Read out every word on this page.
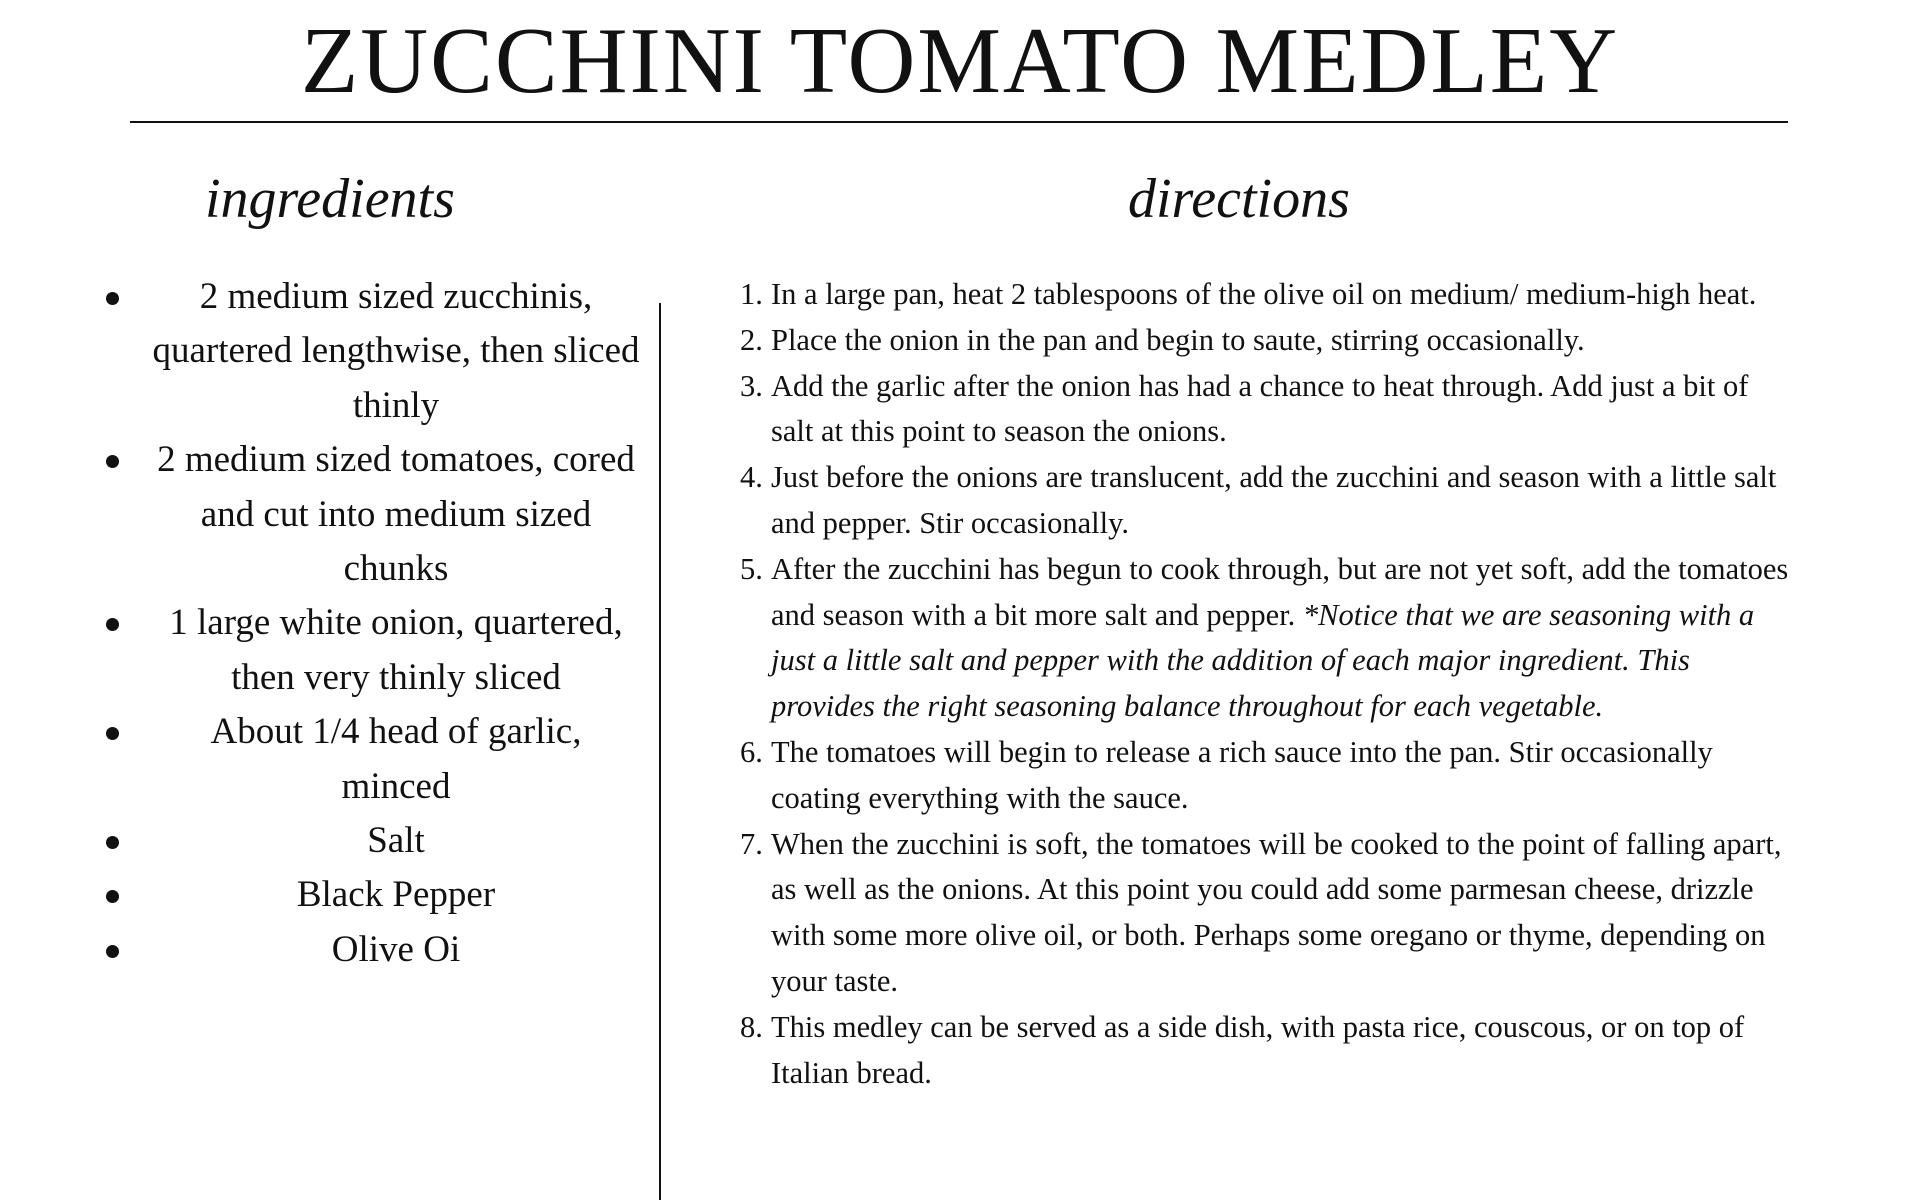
ZUCCHINI TOMATO MEDLEY
ingredients	directions
2 medium sized zucchinis, quartered lengthwise, then sliced thinly
2 medium sized tomatoes, cored and cut into medium sized chunks
1 large white onion, quartered, then very thinly sliced
About 1/4 head of garlic, minced
Salt
Black Pepper
Olive Oi
1. In a large pan, heat 2 tablespoons of the olive oil on medium/ medium-high heat.
2. Place the onion in the pan and begin to saute, stirring occasionally.
3. Add the garlic after the onion has had a chance to heat through. Add just a bit of salt at this point to season the onions.
4. Just before the onions are translucent, add the zucchini and season with a little salt and pepper. Stir occasionally.
5. After the zucchini has begun to cook through, but are not yet soft, add the tomatoes and season with a bit more salt and pepper. *Notice that we are seasoning with a just a little salt and pepper with the addition of each major ingredient. This provides the right seasoning balance throughout for each vegetable.
6. The tomatoes will begin to release a rich sauce into the pan. Stir occasionally coating everything with the sauce.
7. When the zucchini is soft, the tomatoes will be cooked to the point of falling apart, as well as the onions. At this point you could add some parmesan cheese, drizzle with some more olive oil, or both. Perhaps some oregano or thyme, depending on your taste.
8. This medley can be served as a side dish, with pasta rice, couscous, or on top of Italian bread.
